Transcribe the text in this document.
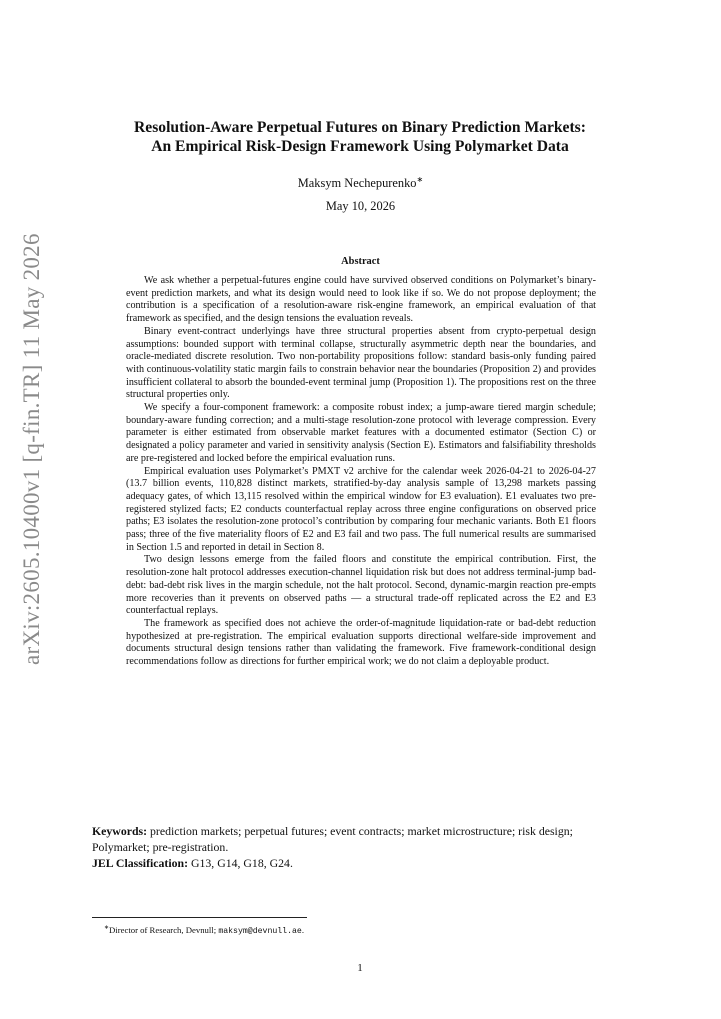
arXiv:2605.10400v1 [q-fin.TR] 11 May 2026
Resolution-Aware Perpetual Futures on Binary Prediction Markets:
An Empirical Risk-Design Framework Using Polymarket Data
Maksym Nechepurenko∗
May 10, 2026
Abstract

We ask whether a perpetual-futures engine could have survived observed conditions on Polymarket’s binary-event prediction markets, and what its design would need to look like if so. We do not propose deployment; the contribution is a specification of a resolution-aware risk-engine framework, an empirical evaluation of that framework as specified, and the design tensions the evaluation reveals.

Binary event-contract underlyings have three structural properties absent from crypto-perpetual design assumptions: bounded support with terminal collapse, structurally asymmetric depth near the boundaries, and oracle-mediated discrete resolution. Two non-portability propositions follow: standard basis-only funding paired with continuous-volatility static margin fails to constrain behavior near the boundaries (Proposition 2) and provides insufficient collateral to absorb the bounded-event terminal jump (Proposition 1). The propositions rest on the three structural properties only.

We specify a four-component framework: a composite robust index; a jump-aware tiered margin schedule; boundary-aware funding correction; and a multi-stage resolution-zone protocol with leverage compression. Every parameter is either estimated from observable market features with a documented estimator (Section C) or designated a policy parameter and varied in sensitivity analysis (Section E). Estimators and falsifiability thresholds are pre-registered and locked before the empirical evaluation runs.

Empirical evaluation uses Polymarket’s PMXT v2 archive for the calendar week 2026-04-21 to 2026-04-27 (13.7 billion events, 110,828 distinct markets, stratified-by-day analysis sample of 13,298 markets passing adequacy gates, of which 13,115 resolved within the empirical window for E3 evaluation). E1 evaluates two pre-registered stylized facts; E2 conducts counterfactual replay across three engine configurations on observed price paths; E3 isolates the resolution-zone protocol’s contribution by comparing four mechanic variants. Both E1 floors pass; three of the five materiality floors of E2 and E3 fail and two pass. The full numerical results are summarised in Section 1.5 and reported in detail in Section 8.

Two design lessons emerge from the failed floors and constitute the empirical contribution. First, the resolution-zone halt protocol addresses execution-channel liquidation risk but does not address terminal-jump bad-debt: bad-debt risk lives in the margin schedule, not the halt protocol. Second, dynamic-margin reaction pre-empts more recoveries than it prevents on observed paths — a structural trade-off replicated across the E2 and E3 counterfactual replays.

The framework as specified does not achieve the order-of-magnitude liquidation-rate or bad-debt reduction hypothesized at pre-registration. The empirical evaluation supports directional welfare-side improvement and documents structural design tensions rather than validating the framework. Five framework-conditional design recommendations follow as directions for further empirical work; we do not claim a deployable product.

Keywords: prediction markets; perpetual futures; event contracts; market microstructure; risk design; Polymarket; pre-registration.

JEL Classification: G13, G14, G18, G24.

∗Director of Research, Devnull; maksym@devnull.ae.
1
